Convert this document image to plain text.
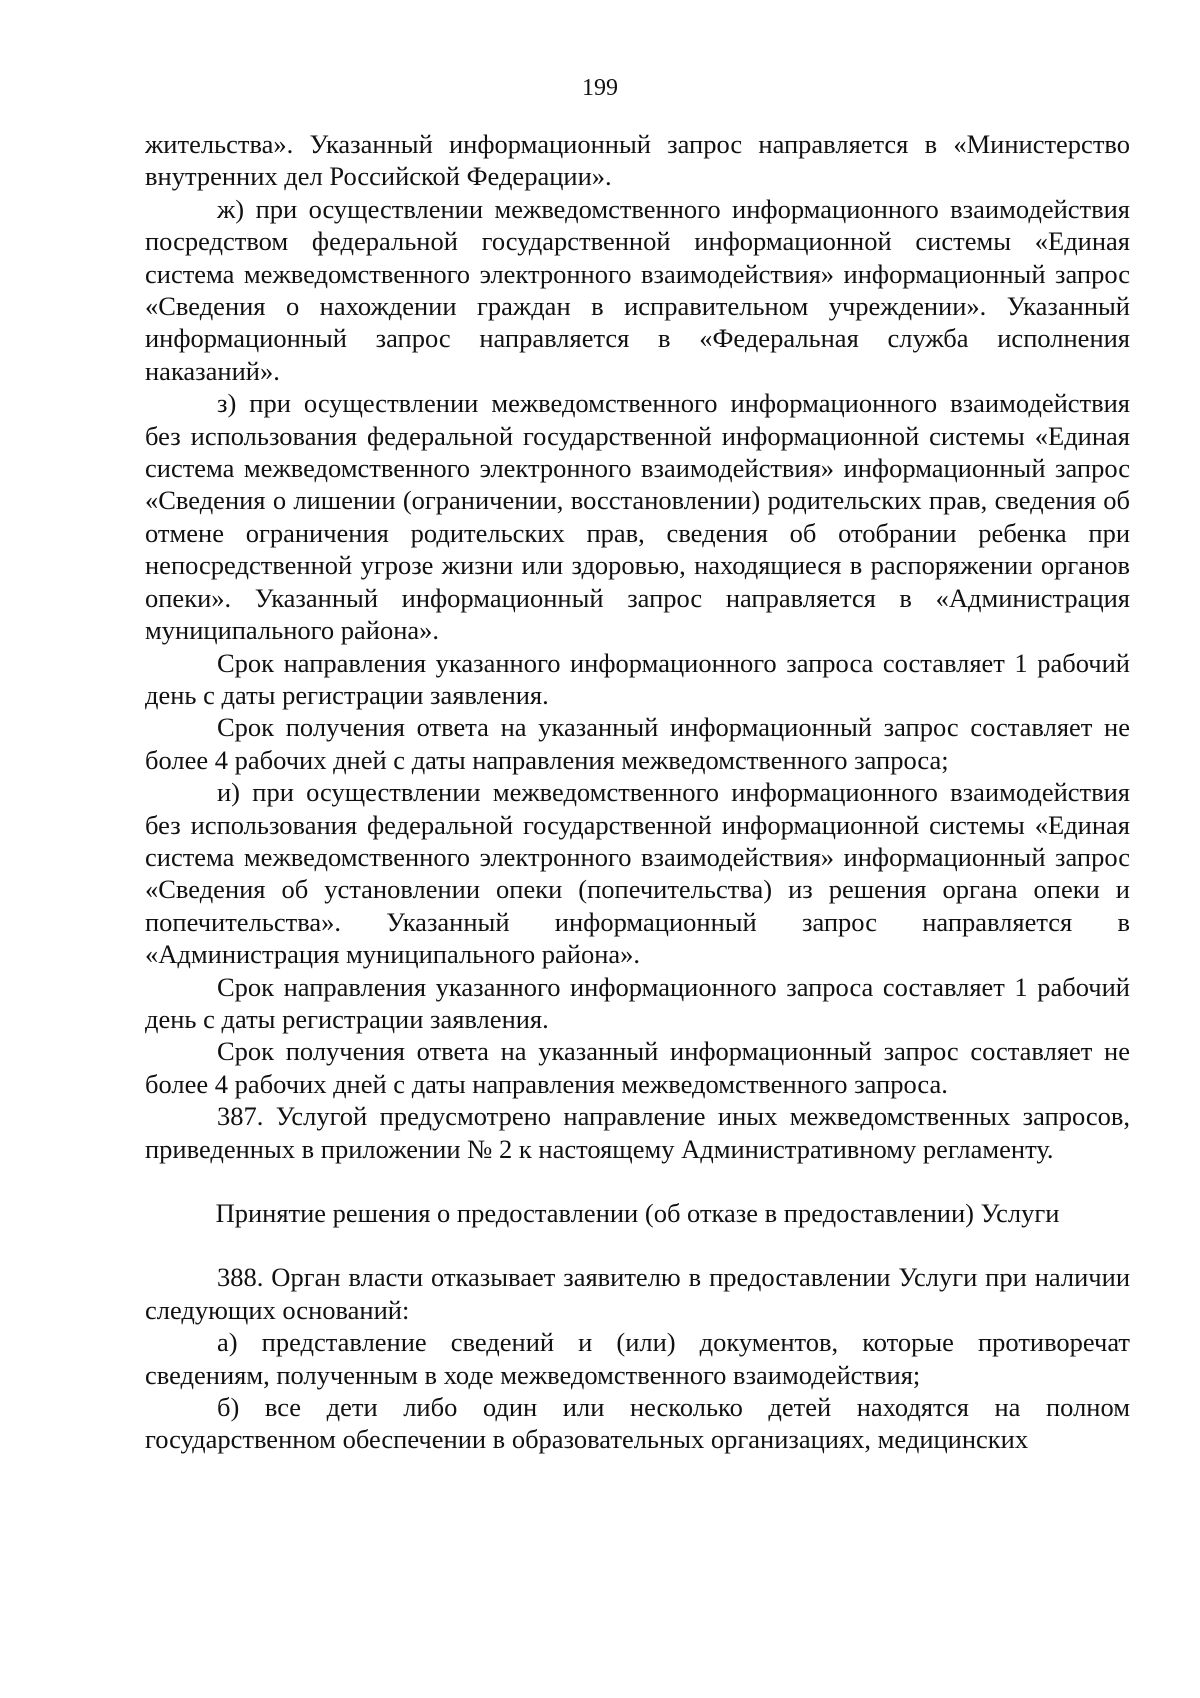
199

жительства». Указанный информационный запрос направляется в «Министерство внутренних дел Российской Федерации».

ж) при осуществлении межведомственного информационного взаимодействия посредством федеральной государственной информационной системы «Единая система межведомственного электронного взаимодействия» информационный запрос «Сведения о нахождении граждан в исправительном учреждении». Указанный информационный запрос направляется в «Федеральная служба исполнения наказаний».

з) при осуществлении межведомственного информационного взаимодействия без использования федеральной государственной информационной системы «Единая система межведомственного электронного взаимодействия» информационный запрос «Сведения о лишении (ограничении, восстановлении) родительских прав, сведения об отмене ограничения родительских прав, сведения об отобрании ребенка при непосредственной угрозе жизни или здоровью, находящиеся в распоряжении органов опеки». Указанный информационный запрос направляется в «Администрация муниципального района».

Срок направления указанного информационного запроса составляет 1 рабочий день с даты регистрации заявления.

Срок получения ответа на указанный информационный запрос составляет не более 4 рабочих дней с даты направления межведомственного запроса;

и) при осуществлении межведомственного информационного взаимодействия без использования федеральной государственной информационной системы «Единая система межведомственного электронного взаимодействия» информационный запрос «Сведения об установлении опеки (попечительства) из решения органа опеки и попечительства». Указанный информационный запрос направляется в «Администрация муниципального района».

Срок направления указанного информационного запроса составляет 1 рабочий день с даты регистрации заявления.

Срок получения ответа на указанный информационный запрос составляет не более 4 рабочих дней с даты направления межведомственного запроса.

387. Услугой предусмотрено направление иных межведомственных запросов, приведенных в приложении № 2 к настоящему Административному регламенту.

Принятие решения о предоставлении (об отказе в предоставлении) Услуги

388. Орган власти отказывает заявителю в предоставлении Услуги при наличии следующих оснований:

а) представление сведений и (или) документов, которые противоречат сведениям, полученным в ходе межведомственного взаимодействия;

б) все дети либо один или несколько детей находятся на полном государственном обеспечении в образовательных организациях, медицинских
